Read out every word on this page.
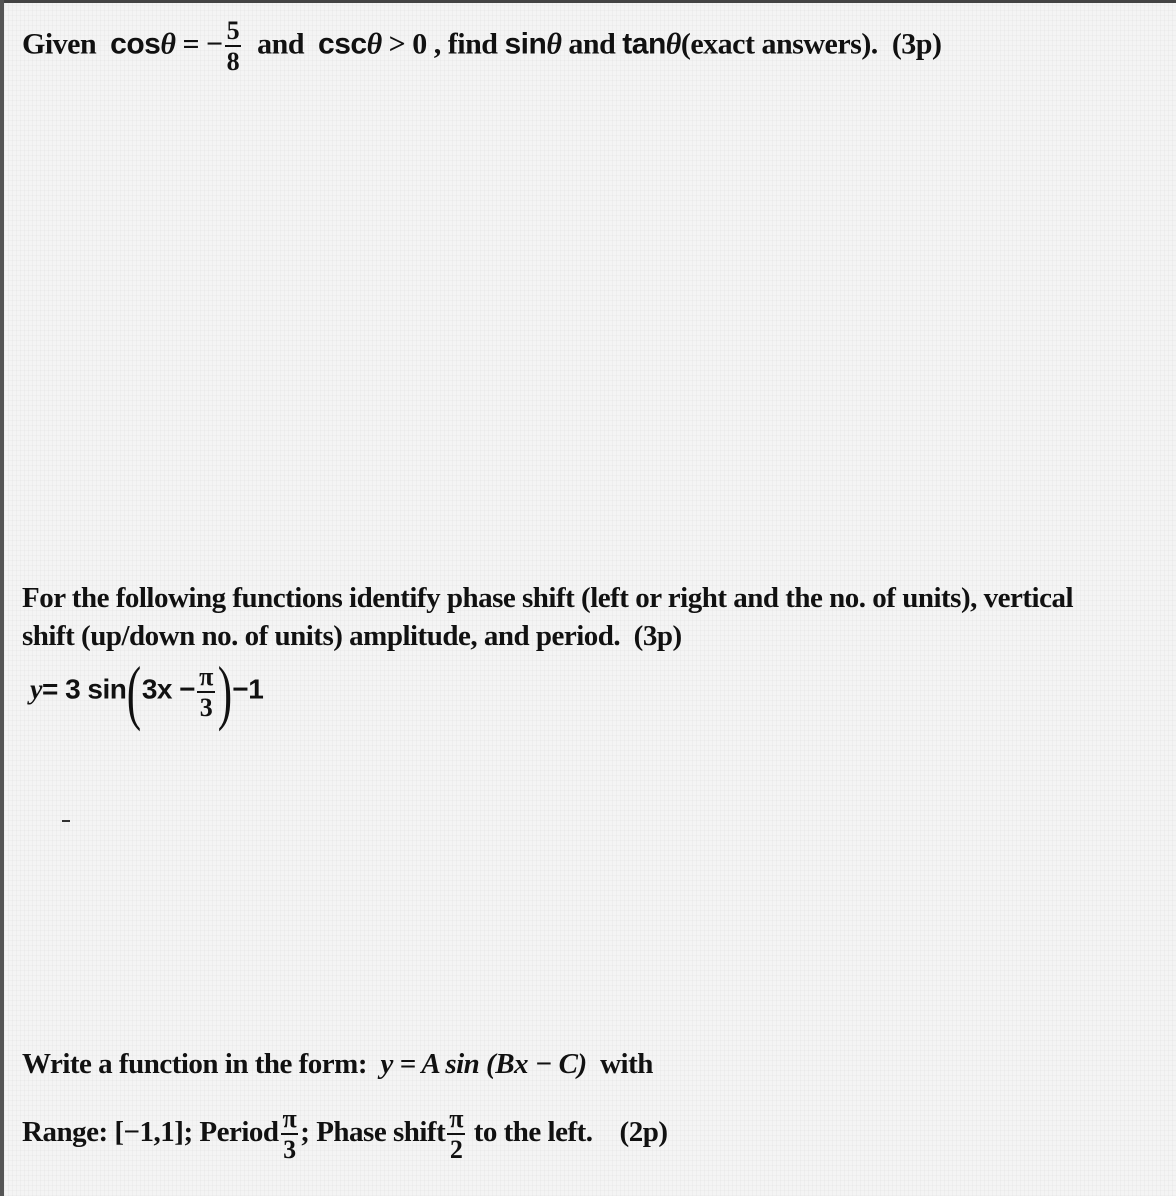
Given cosθ = − $\frac{5}{8}$ and cscθ > 0 , find sinθ and tanθ(exact answers). (3p)
For the following functions identify phase shift (left or right and the no. of units), vertical
shift (up/down no. of units) amplitude, and period. (3p)
y= 3 $\sin(3x - \frac{\pi}{3} )-1$
Write a function in the form: y = A sin (Bx − C) with
Range: [−1,1]; Period $\frac{\pi}{3}$ ; Phase shift $\frac{\pi}{2}$ to the left. (2p)
